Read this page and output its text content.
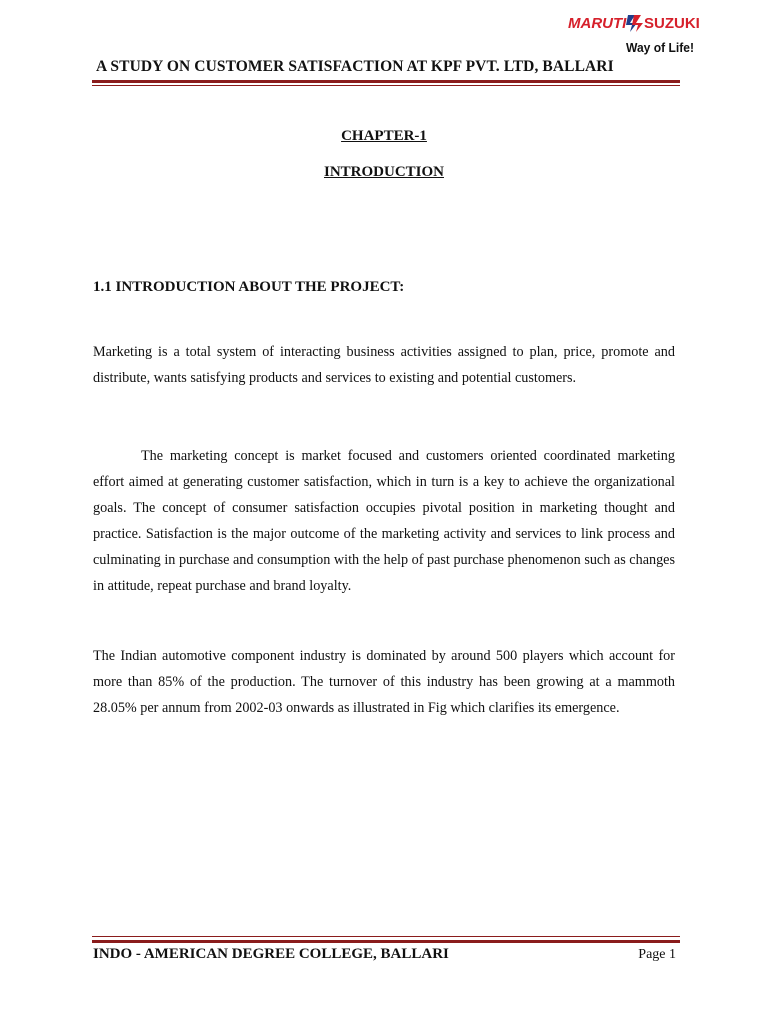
MARUTI SUZUKI
Way of Life!
A STUDY ON CUSTOMER SATISFACTION AT KPF PVT. LTD, BALLARI
CHAPTER-1
INTRODUCTION
1.1 INTRODUCTION ABOUT THE PROJECT:

Marketing is a total system of interacting business activities assigned to plan, price, promote and distribute, wants satisfying products and services to existing and potential customers.

The marketing concept is market focused and customers oriented coordinated marketing effort aimed at generating customer satisfaction, which in turn is a key to achieve the organizational goals. The concept of consumer satisfaction occupies pivotal position in marketing thought and practice. Satisfaction is the major outcome of the marketing activity and services to link process and culminating in purchase and consumption with the help of past purchase phenomenon such as changes in attitude, repeat purchase and brand loyalty.

The Indian automotive component industry is dominated by around 500 players which account for more than 85% of the production. The turnover of this industry has been growing at a mammoth 28.05% per annum from 2002-03 onwards as illustrated in Fig which clarifies its emergence.

INDO - AMERICAN DEGREE COLLEGE, BALLARI	Page 1
